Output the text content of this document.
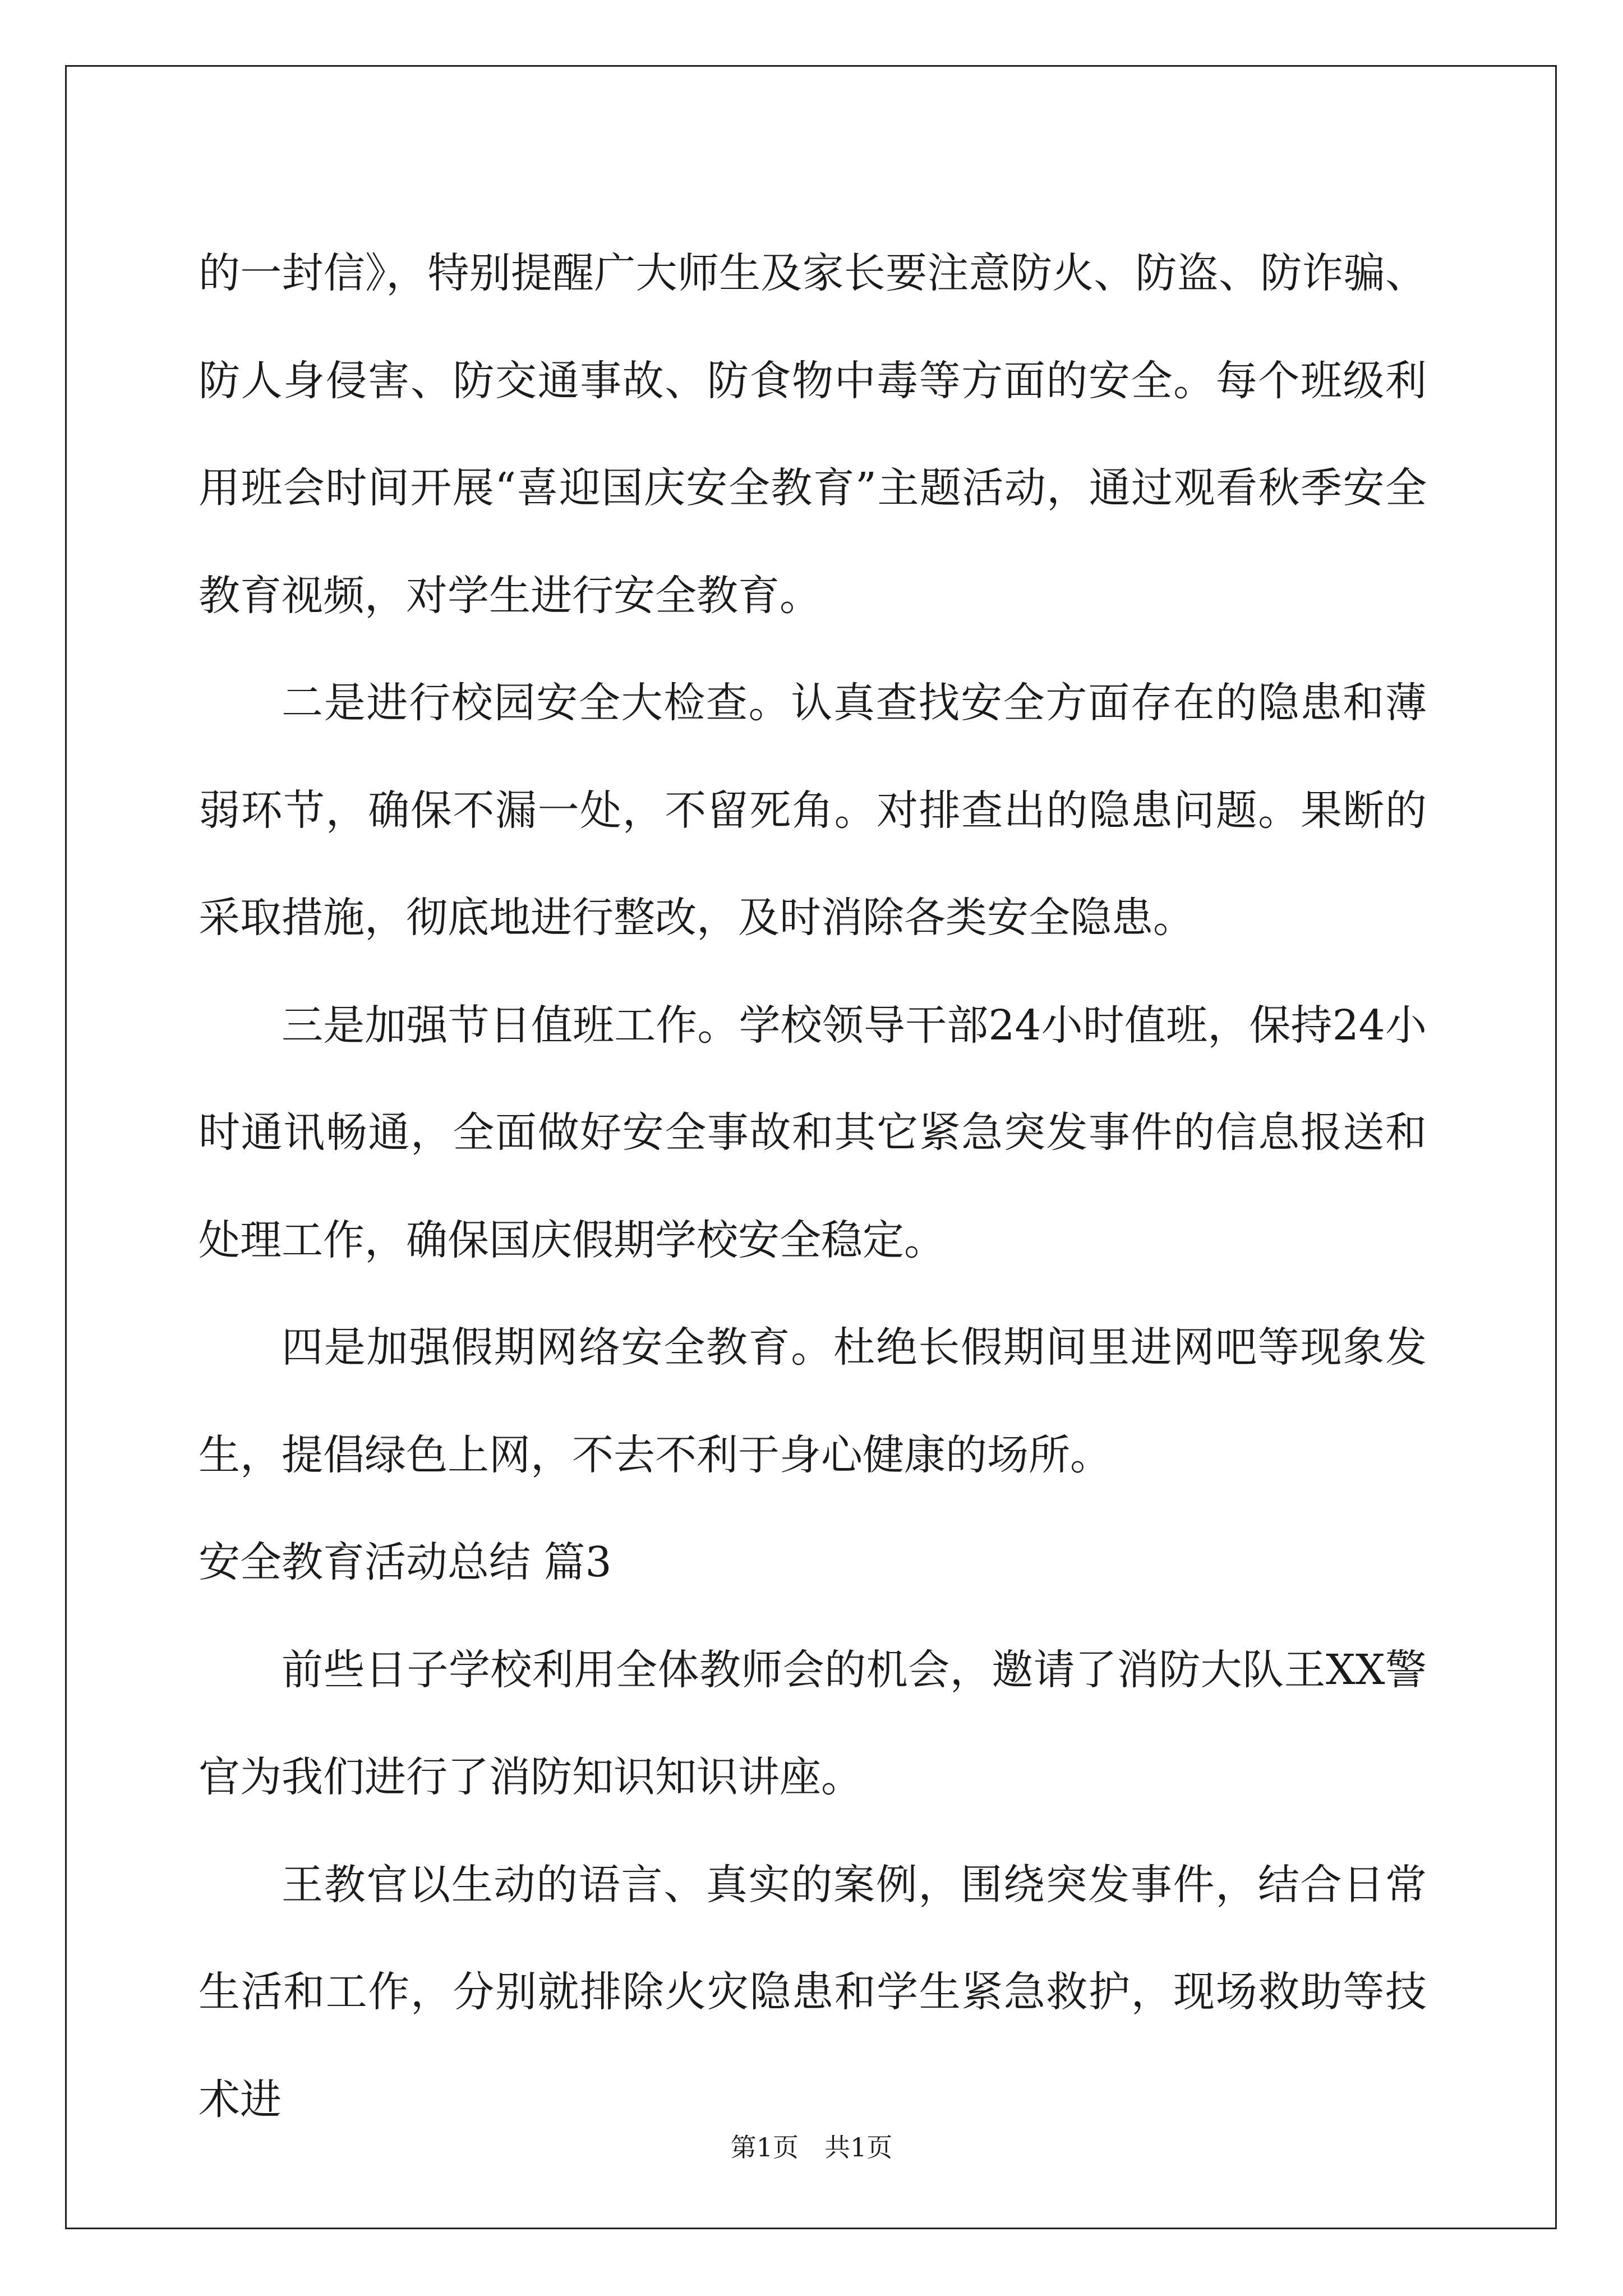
的一封信》，特别提醒广大师生及家长要注意防火、防盗、防诈骗、防人身侵害、防交通事故、防食物中毒等方面的安全。每个班级利用班会时间开展“喜迎国庆安全教育”主题活动，通过观看秋季安全教育视频，对学生进行安全教育。

二是进行校园安全大检查。认真查找安全方面存在的隐患和薄弱环节，确保不漏一处，不留死角。对排查出的隐患问题。果断的采取措施，彻底地进行整改，及时消除各类安全隐患。

三是加强节日值班工作。学校领导干部24小时值班，保持24小时通讯畅通，全面做好安全事故和其它紧急突发事件的信息报送和处理工作，确保国庆假期学校安全稳定。

四是加强假期网络安全教育。杜绝长假期间里进网吧等现象发生，提倡绿色上网，不去不利于身心健康的场所。

安全教育活动总结 篇3

前些日子学校利用全体教师会的机会，邀请了消防大队王XX警官为我们进行了消防知识知识讲座。

王教官以生动的语言、真实的案例，围绕突发事件，结合日常生活和工作，分别就排除火灾隐患和学生紧急救护，现场救助等技术进

第1页 共1页
